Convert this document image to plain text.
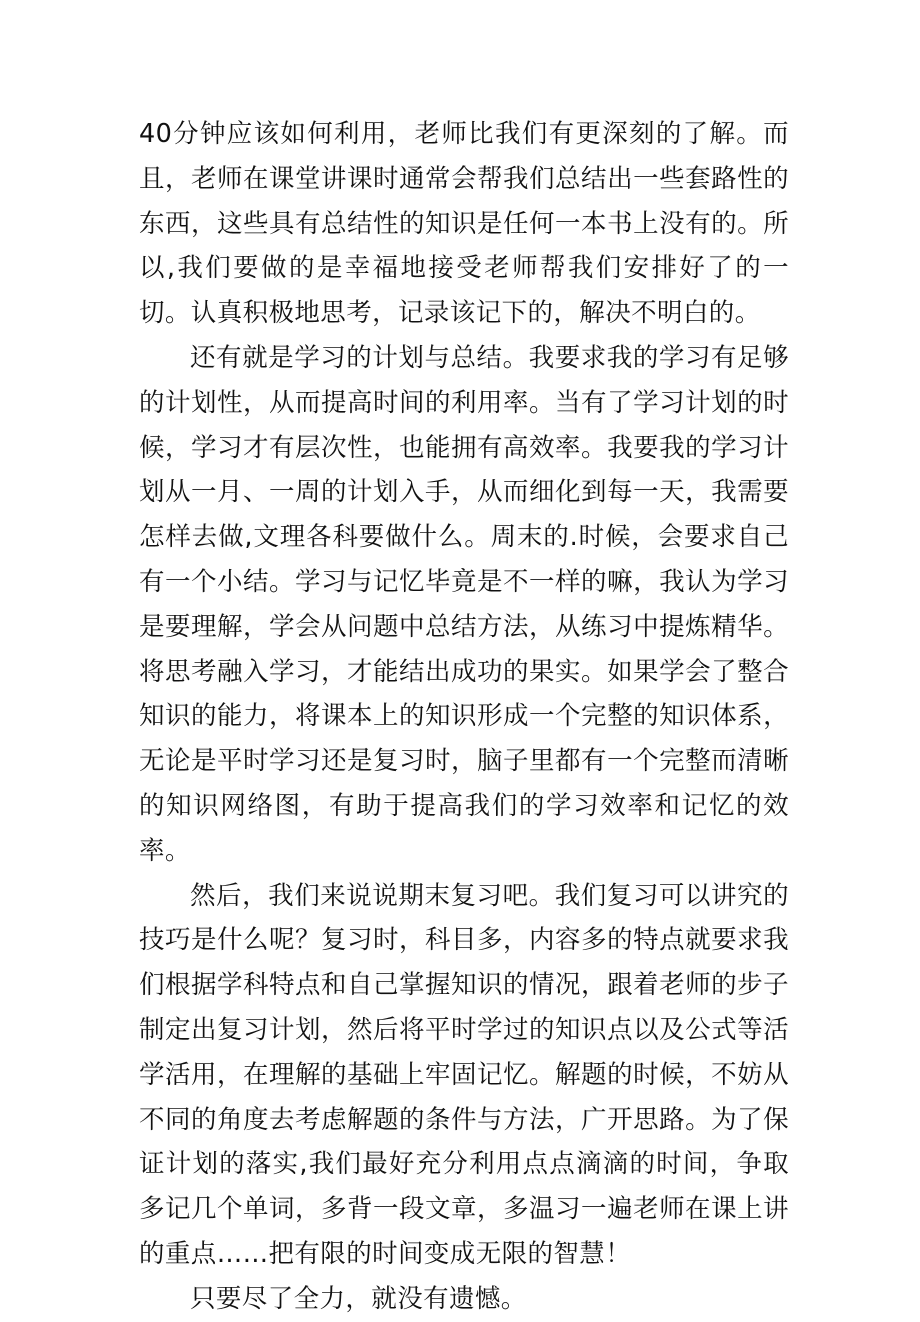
40分钟应该如何利用，老师比我们有更深刻的了解。而且，老师在课堂讲课时通常会帮我们总结出一些套路性的东西，这些具有总结性的知识是任何一本书上没有的。所以,我们要做的是幸福地接受老师帮我们安排好了的一切。认真积极地思考，记录该记下的，解决不明白的。

还有就是学习的计划与总结。我要求我的学习有足够的计划性，从而提高时间的利用率。当有了学习计划的时候，学习才有层次性，也能拥有高效率。我要我的学习计划从一月、一周的计划入手，从而细化到每一天，我需要怎样去做,文理各科要做什么。周末的.时候，会要求自己有一个小结。学习与记忆毕竟是不一样的嘛，我认为学习是要理解，学会从问题中总结方法，从练习中提炼精华。将思考融入学习，才能结出成功的果实。如果学会了整合知识的能力，将课本上的知识形成一个完整的知识体系，无论是平时学习还是复习时，脑子里都有一个完整而清晰的知识网络图，有助于提高我们的学习效率和记忆的效率。

然后，我们来说说期末复习吧。我们复习可以讲究的技巧是什么呢？复习时，科目多，内容多的特点就要求我们根据学科特点和自己掌握知识的情况，跟着老师的步子制定出复习计划，然后将平时学过的知识点以及公式等活学活用，在理解的基础上牢固记忆。解题的时候，不妨从不同的角度去考虑解题的条件与方法，广开思路。为了保证计划的落实,我们最好充分利用点点滴滴的时间，争取多记几个单词，多背一段文章，多温习一遍老师在课上讲的重点……把有限的时间变成无限的智慧！

只要尽了全力，就没有遗憾。
